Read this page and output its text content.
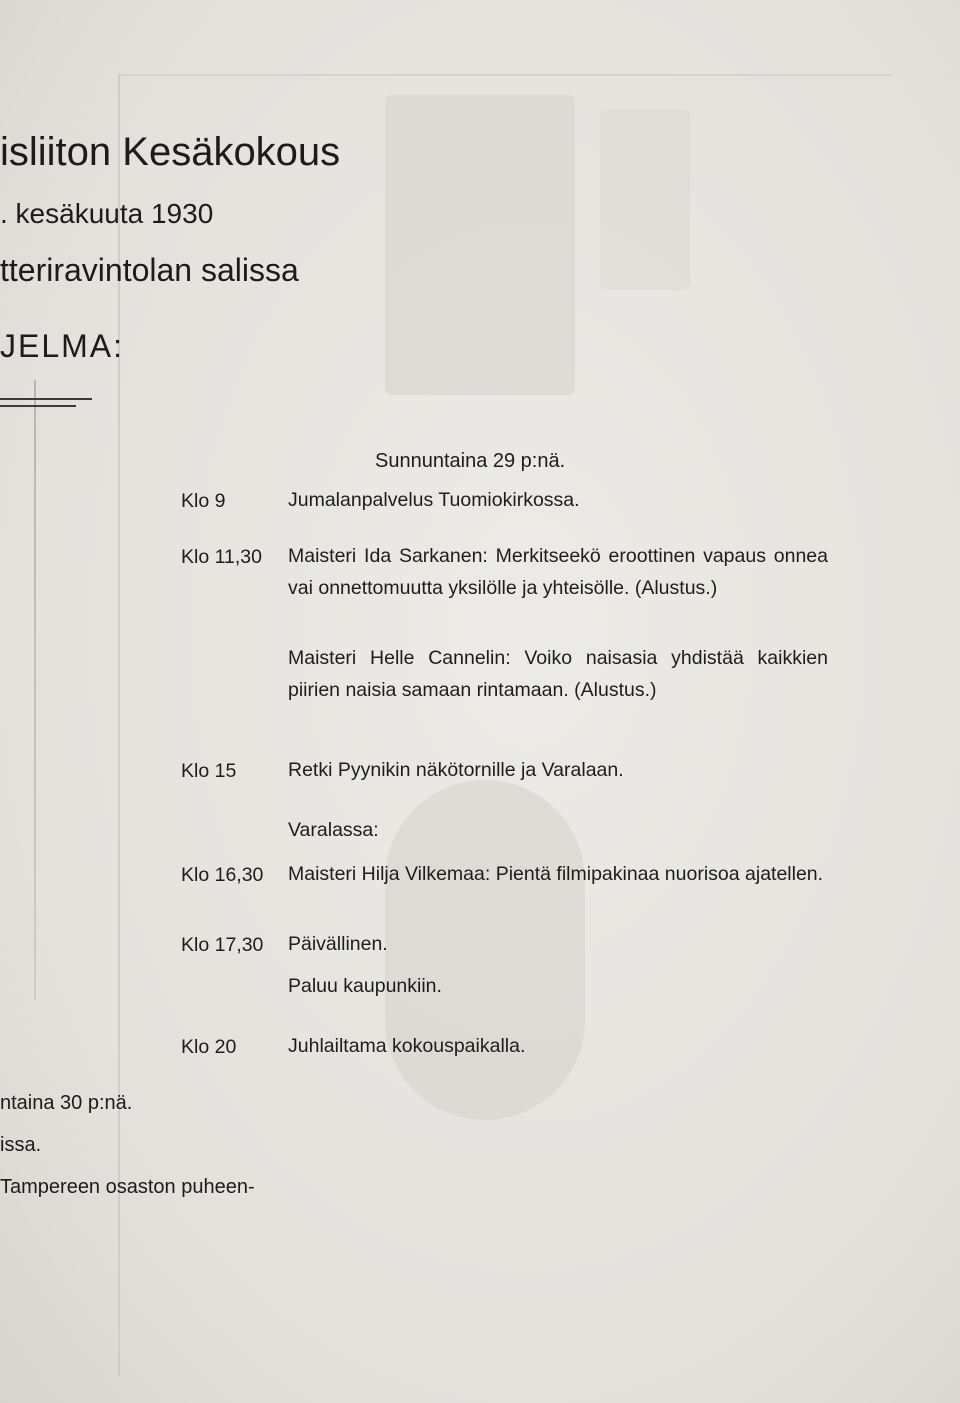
isliiton Kesäkokous
. kesäkuuta 1930
tteriravintolan salissa
JELMA:
Sunnuntaina 29 p:nä.
Klo 9	Jumalanpalvelus Tuomiokirkossa.
Klo 11,30 Maisteri Ida Sarkanen: Merkitseekö eroottinen vapaus onnea vai onnettomuutta yksilölle ja yhteisölle. (Alustus.)
Maisteri Helle Cannelin: Voiko naisasia yhdistää kaikkien piirien naisia samaan rintamaan. (Alustus.)
Klo 15	Retki Pyynikin näkötornille ja Varalaan.
Varalassa:
Klo 16,30 Maisteri Hilja Vilkemaa: Pientä filmipakinaa nuorisoa ajatellen.
Klo 17,30 Päivällinen.
Paluu kaupunkiin.
Klo 20	Juhlailtama kokouspaikalla.
ntaina 30 p:nä.
issa.
Tampereen osaston puheen-
